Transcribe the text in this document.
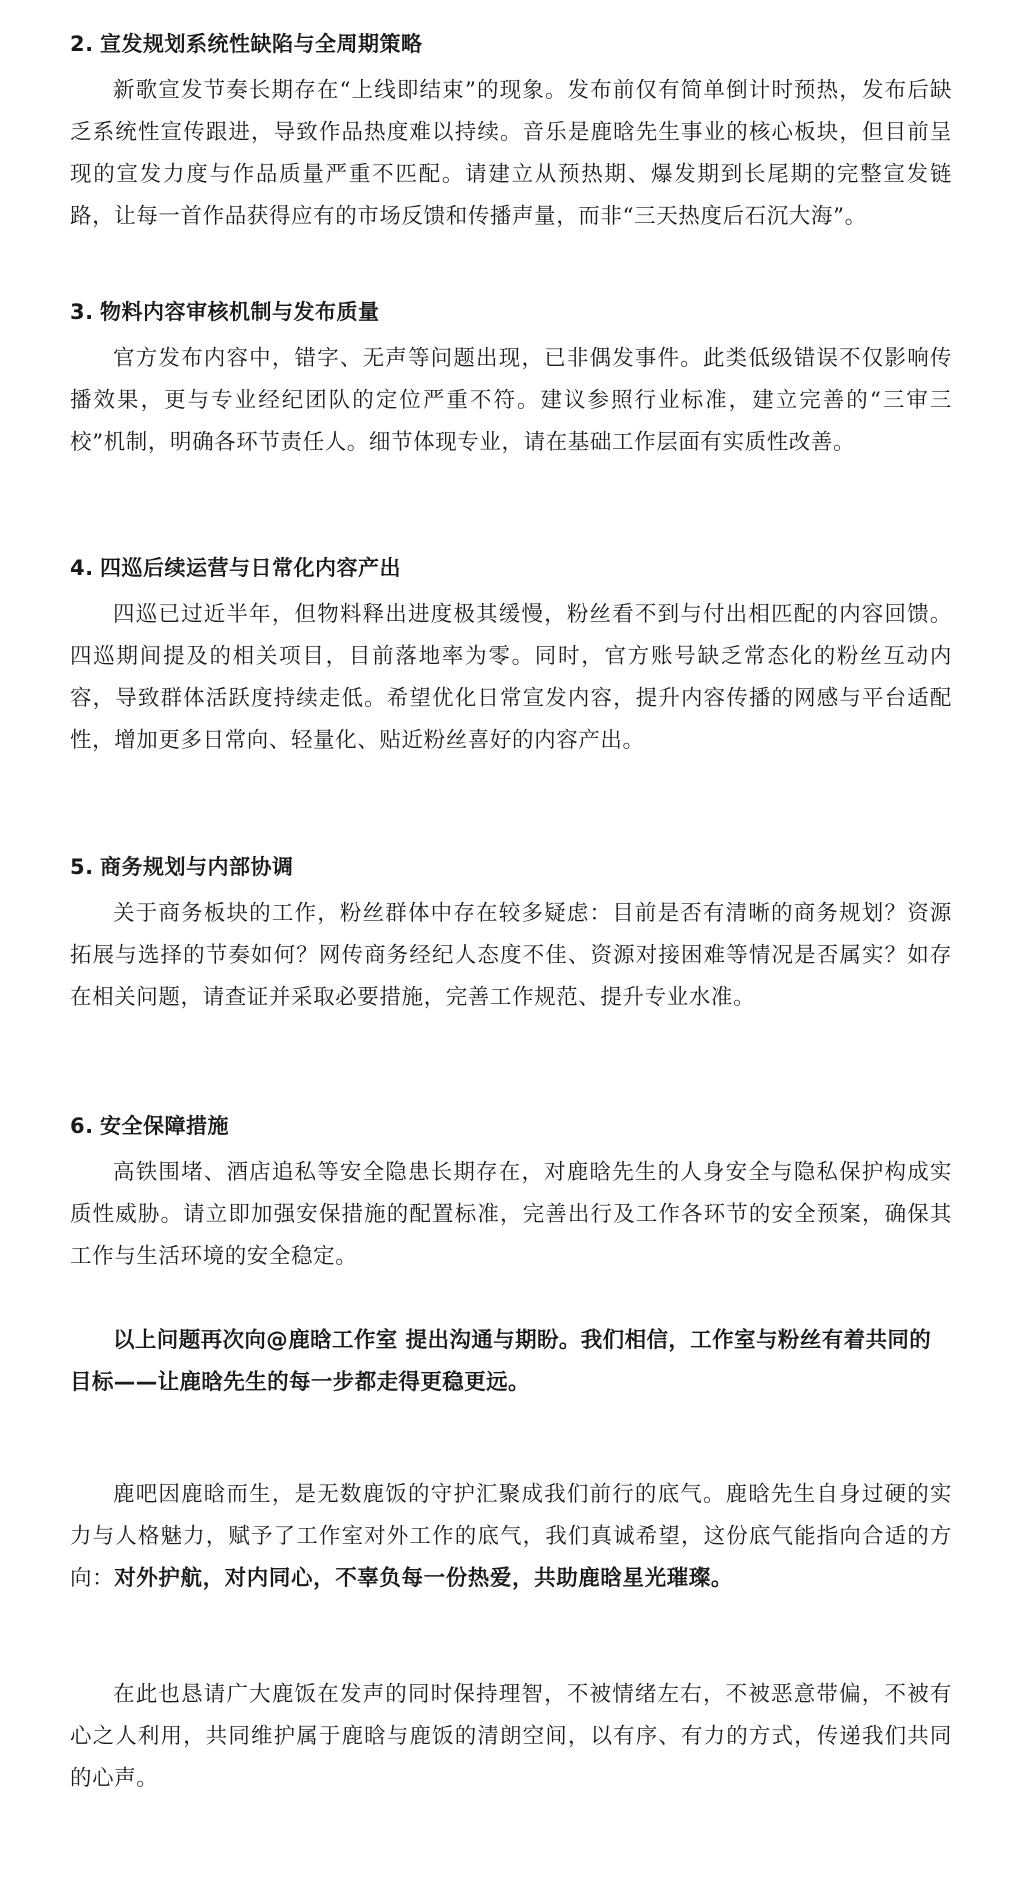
2. 宣发规划系统性缺陷与全周期策略

新歌宣发节奏长期存在“上线即结束”的现象。发布前仅有简单倒计时预热，发布后缺乏系统性宣传跟进，导致作品热度难以持续。音乐是鹿晗先生事业的核心板块，但目前呈现的宣发力度与作品质量严重不匹配。请建立从预热期、爆发期到长尾期的完整宣发链路，让每一首作品获得应有的市场反馈和传播声量，而非“三天热度后石沉大海”。

3. 物料内容审核机制与发布质量

官方发布内容中，错字、无声等问题出现，已非偶发事件。此类低级错误不仅影响传播效果，更与专业经纪团队的定位严重不符。建议参照行业标准，建立完善的“三审三校”机制，明确各环节责任人。细节体现专业，请在基础工作层面有实质性改善。

4. 四巡后续运营与日常化内容产出

四巡已过近半年，但物料释出进度极其缓慢，粉丝看不到与付出相匹配的内容回馈。四巡期间提及的相关项目，目前落地率为零。同时，官方账号缺乏常态化的粉丝互动内容，导致群体活跃度持续走低。希望优化日常宣发内容，提升内容传播的网感与平台适配性，增加更多日常向、轻量化、贴近粉丝喜好的内容产出。

5. 商务规划与内部协调

关于商务板块的工作，粉丝群体中存在较多疑虑：目前是否有清晰的商务规划？资源拓展与选择的节奏如何？网传商务经纪人态度不佳、资源对接困难等情况是否属实？如存在相关问题，请查证并采取必要措施，完善工作规范、提升专业水准。

6. 安全保障措施

高铁围堵、酒店追私等安全隐患长期存在，对鹿晗先生的人身安全与隐私保护构成实质性威胁。请立即加强安保措施的配置标准，完善出行及工作各环节的安全预案，确保其工作与生活环境的安全稳定。

以上问题再次向@鹿晗工作室 提出沟通与期盼。我们相信，工作室与粉丝有着共同的目标——让鹿晗先生的每一步都走得更稳更远。

鹿吧因鹿晗而生，是无数鹿饭的守护汇聚成我们前行的底气。鹿晗先生自身过硬的实力与人格魅力，赋予了工作室对外工作的底气，我们真诚希望，这份底气能指向合适的方向：对外护航，对内同心，不辜负每一份热爱，共助鹿晗星光璀璨。

在此也恳请广大鹿饭在发声的同时保持理智，不被情绪左右，不被恶意带偏，不被有心之人利用，共同维护属于鹿晗与鹿饭的清朗空间，以有序、有力的方式，传递我们共同的心声。
